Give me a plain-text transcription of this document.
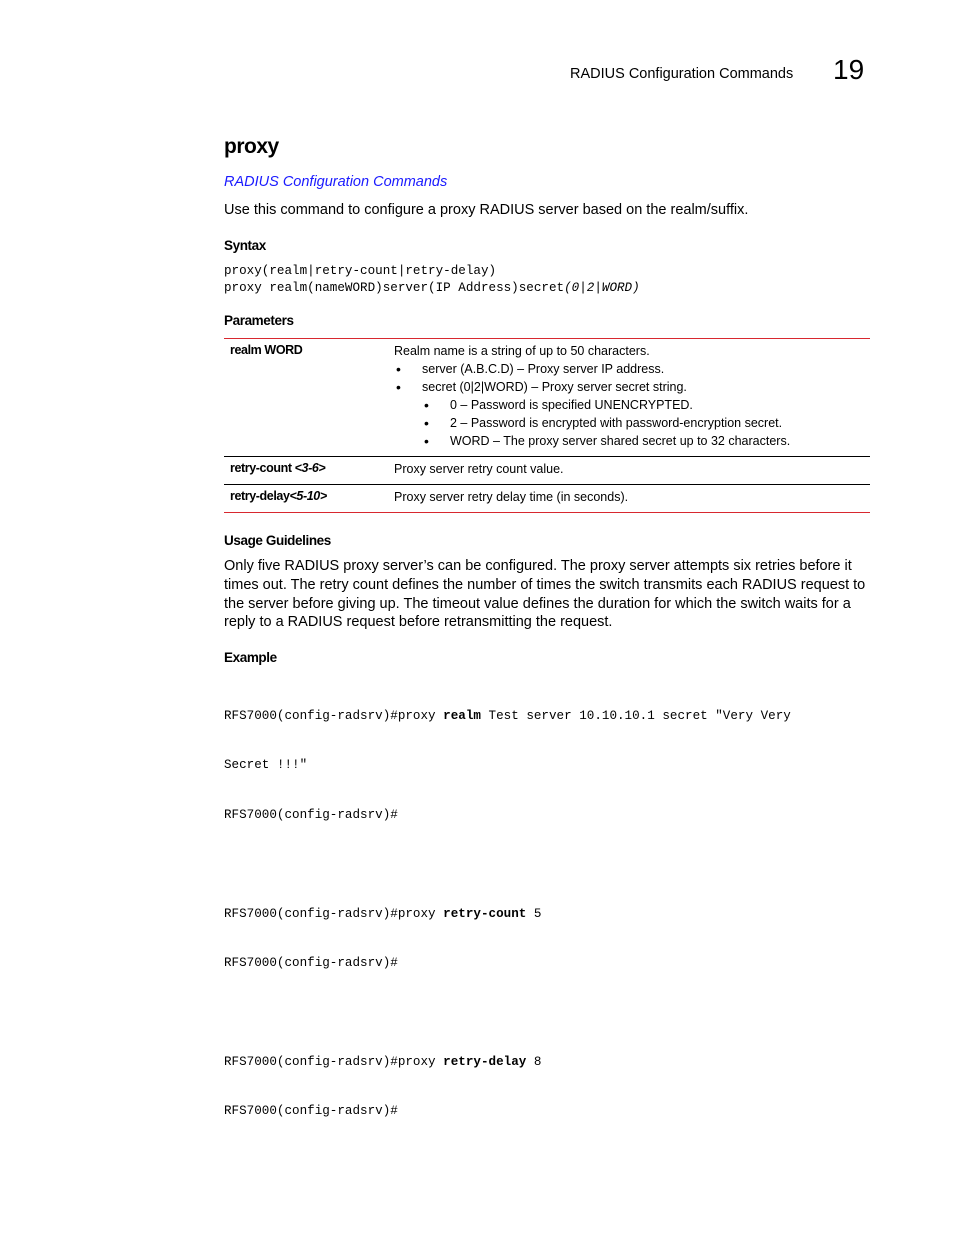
RADIUS Configuration Commands 19
proxy
RADIUS Configuration Commands
Use this command to configure a proxy RADIUS server based on the realm/suffix.
Syntax
proxy(realm|retry-count|retry-delay)
proxy realm(nameWORD)server(IP Address)secret(0|2|WORD)
Parameters
realm WORD	Realm name is a string of up to 50 characters.
• server (A.B.C.D) – Proxy server IP address.
• secret (0|2|WORD) – Proxy server secret string.
• 0 – Password is specified UNENCRYPTED.
• 2 – Password is encrypted with password-encryption secret.
• WORD – The proxy server shared secret up to 32 characters.
retry-count <3-6>	Proxy server retry count value.
retry-delay<5-10>	Proxy server retry delay time (in seconds).
Usage Guidelines
Only five RADIUS proxy server’s can be configured. The proxy server attempts six retries before it times out. The retry count defines the number of times the switch transmits each RADIUS request to the server before giving up. The timeout value defines the duration for which the switch waits for a reply to a RADIUS request before retransmitting the request.
Example

RFS7000(config-radsrv)#proxy realm Test server 10.10.10.1 secret "Very Very

Secret !!!"

RFS7000(config-radsrv)#

RFS7000(config-radsrv)#proxy retry-count 5

RFS7000(config-radsrv)#

RFS7000(config-radsrv)#proxy retry-delay 8

RFS7000(config-radsrv)#
